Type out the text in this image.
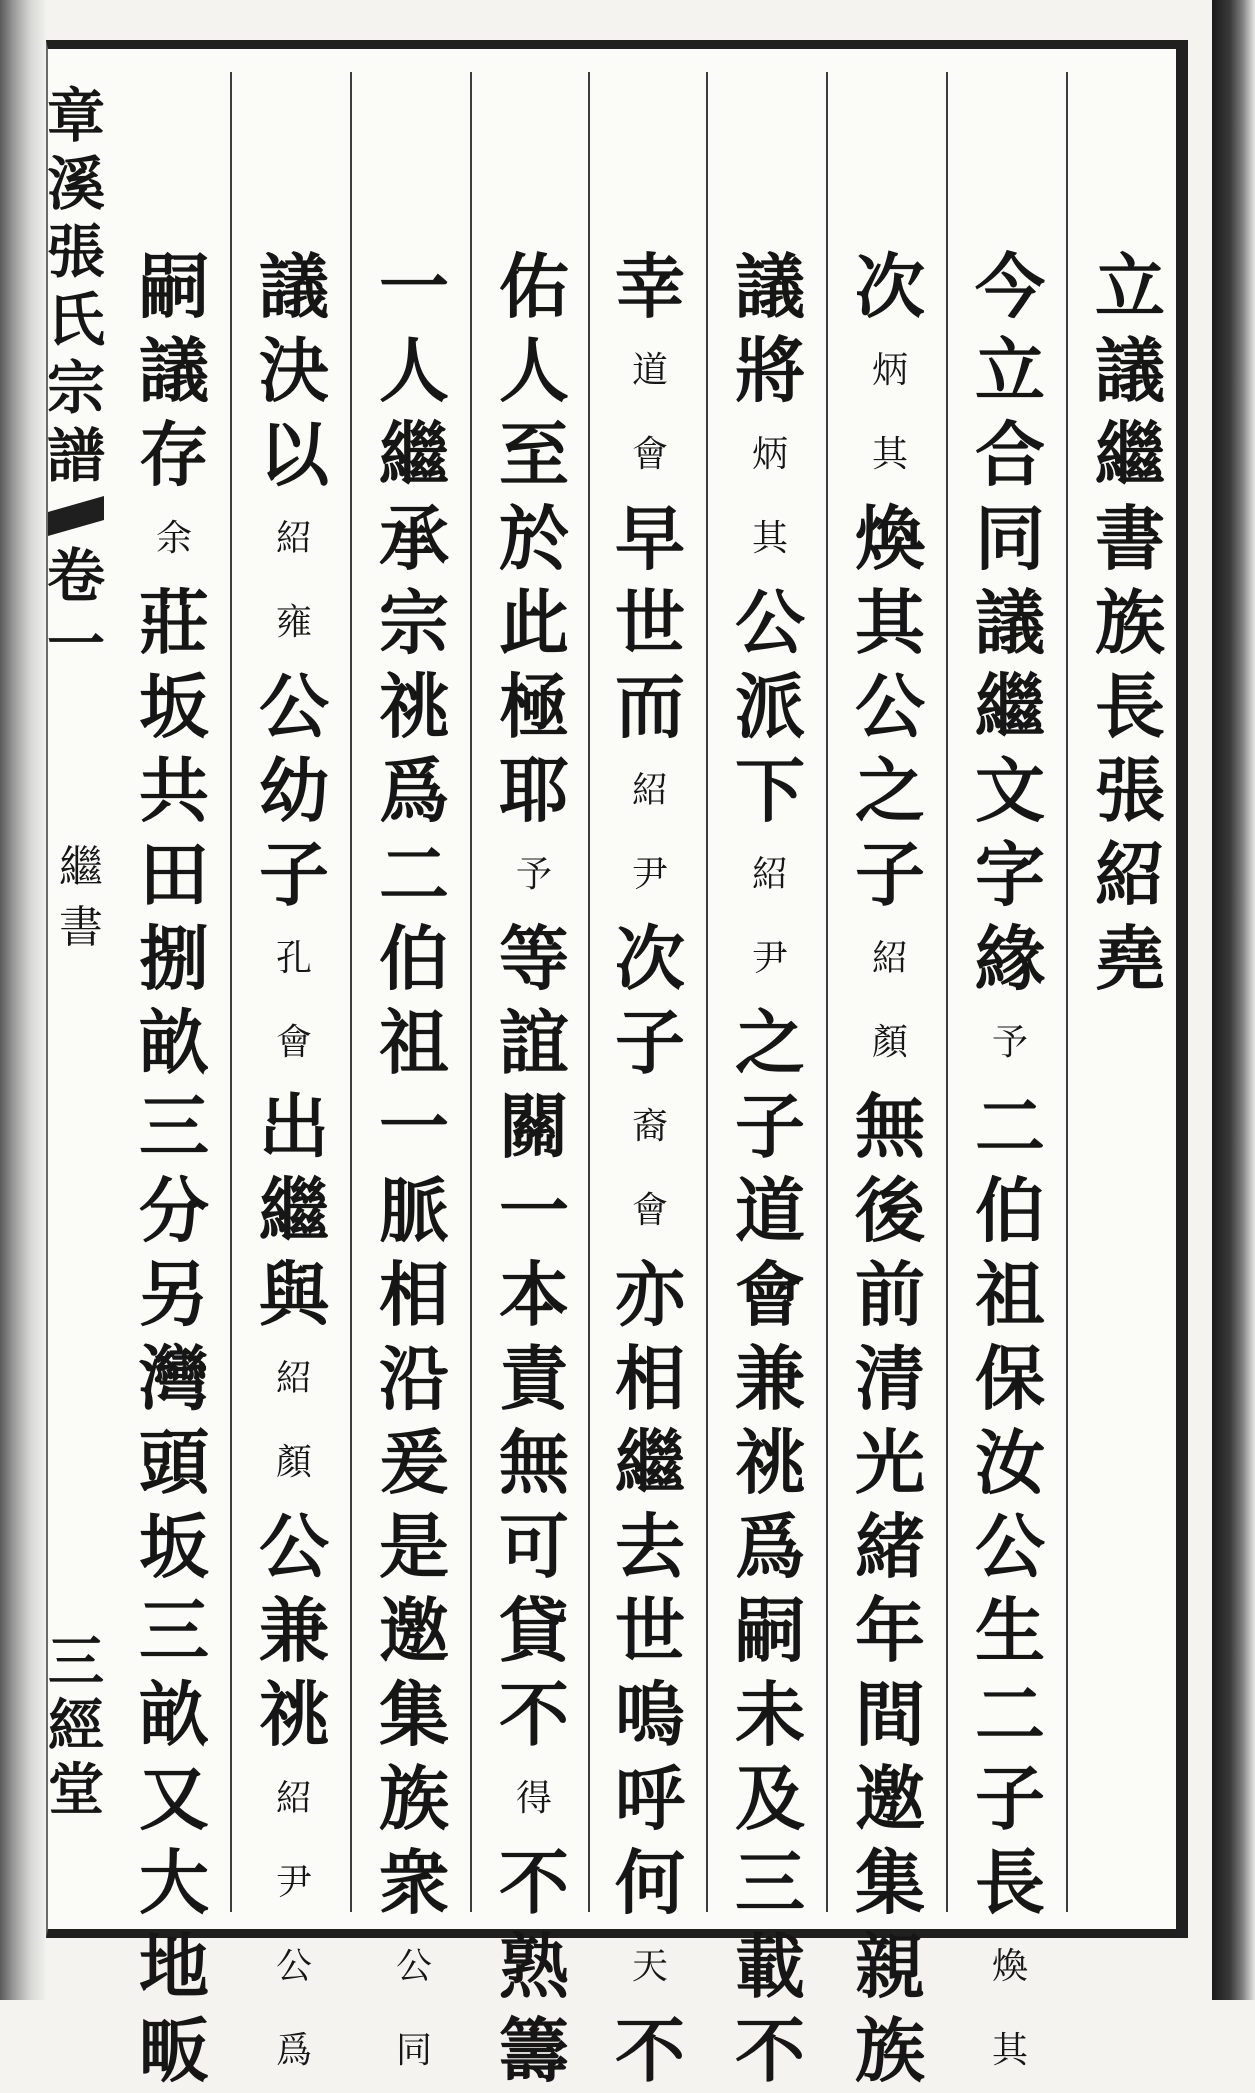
章
溪
張
氏
宗
譜
卷
一
繼
書
三
經
堂
立
議
繼
書
族
長
張
紹
堯
今
立
合
同
議
繼
文
字
緣
予
二
伯
祖
保
汝
公
生
二
子
長
煥
其
次
炳
其
煥
其
公
之
子
紹
顏
無
後
前
清
光
緒
年
間
邀
集
親
族
議
將
炳
其
公
派
下
紹
尹
之
子
道
會
兼
祧
爲
嗣
未
及
三
載
不
幸
道
會
早
世
而
紹
尹
次
子
裔
會
亦
相
繼
去
世
嗚
呼
何
天
不
佑
人
至
於
此
極
耶
予
等
誼
關
一
本
責
無
可
貸
不
得
不
熟
籌
一
人
繼
承
宗
祧
爲
二
伯
祖
一
脈
相
沿
爰
是
邀
集
族
衆
公
同
議
決
以
紹
雍
公
幼
子
孔
會
出
繼
與
紹
顏
公
兼
祧
紹
尹
公
爲
嗣
議
存
余
莊
坂
共
田
捌
畝
三
分
另
灣
頭
坂
三
畝
又
大
地
畈
